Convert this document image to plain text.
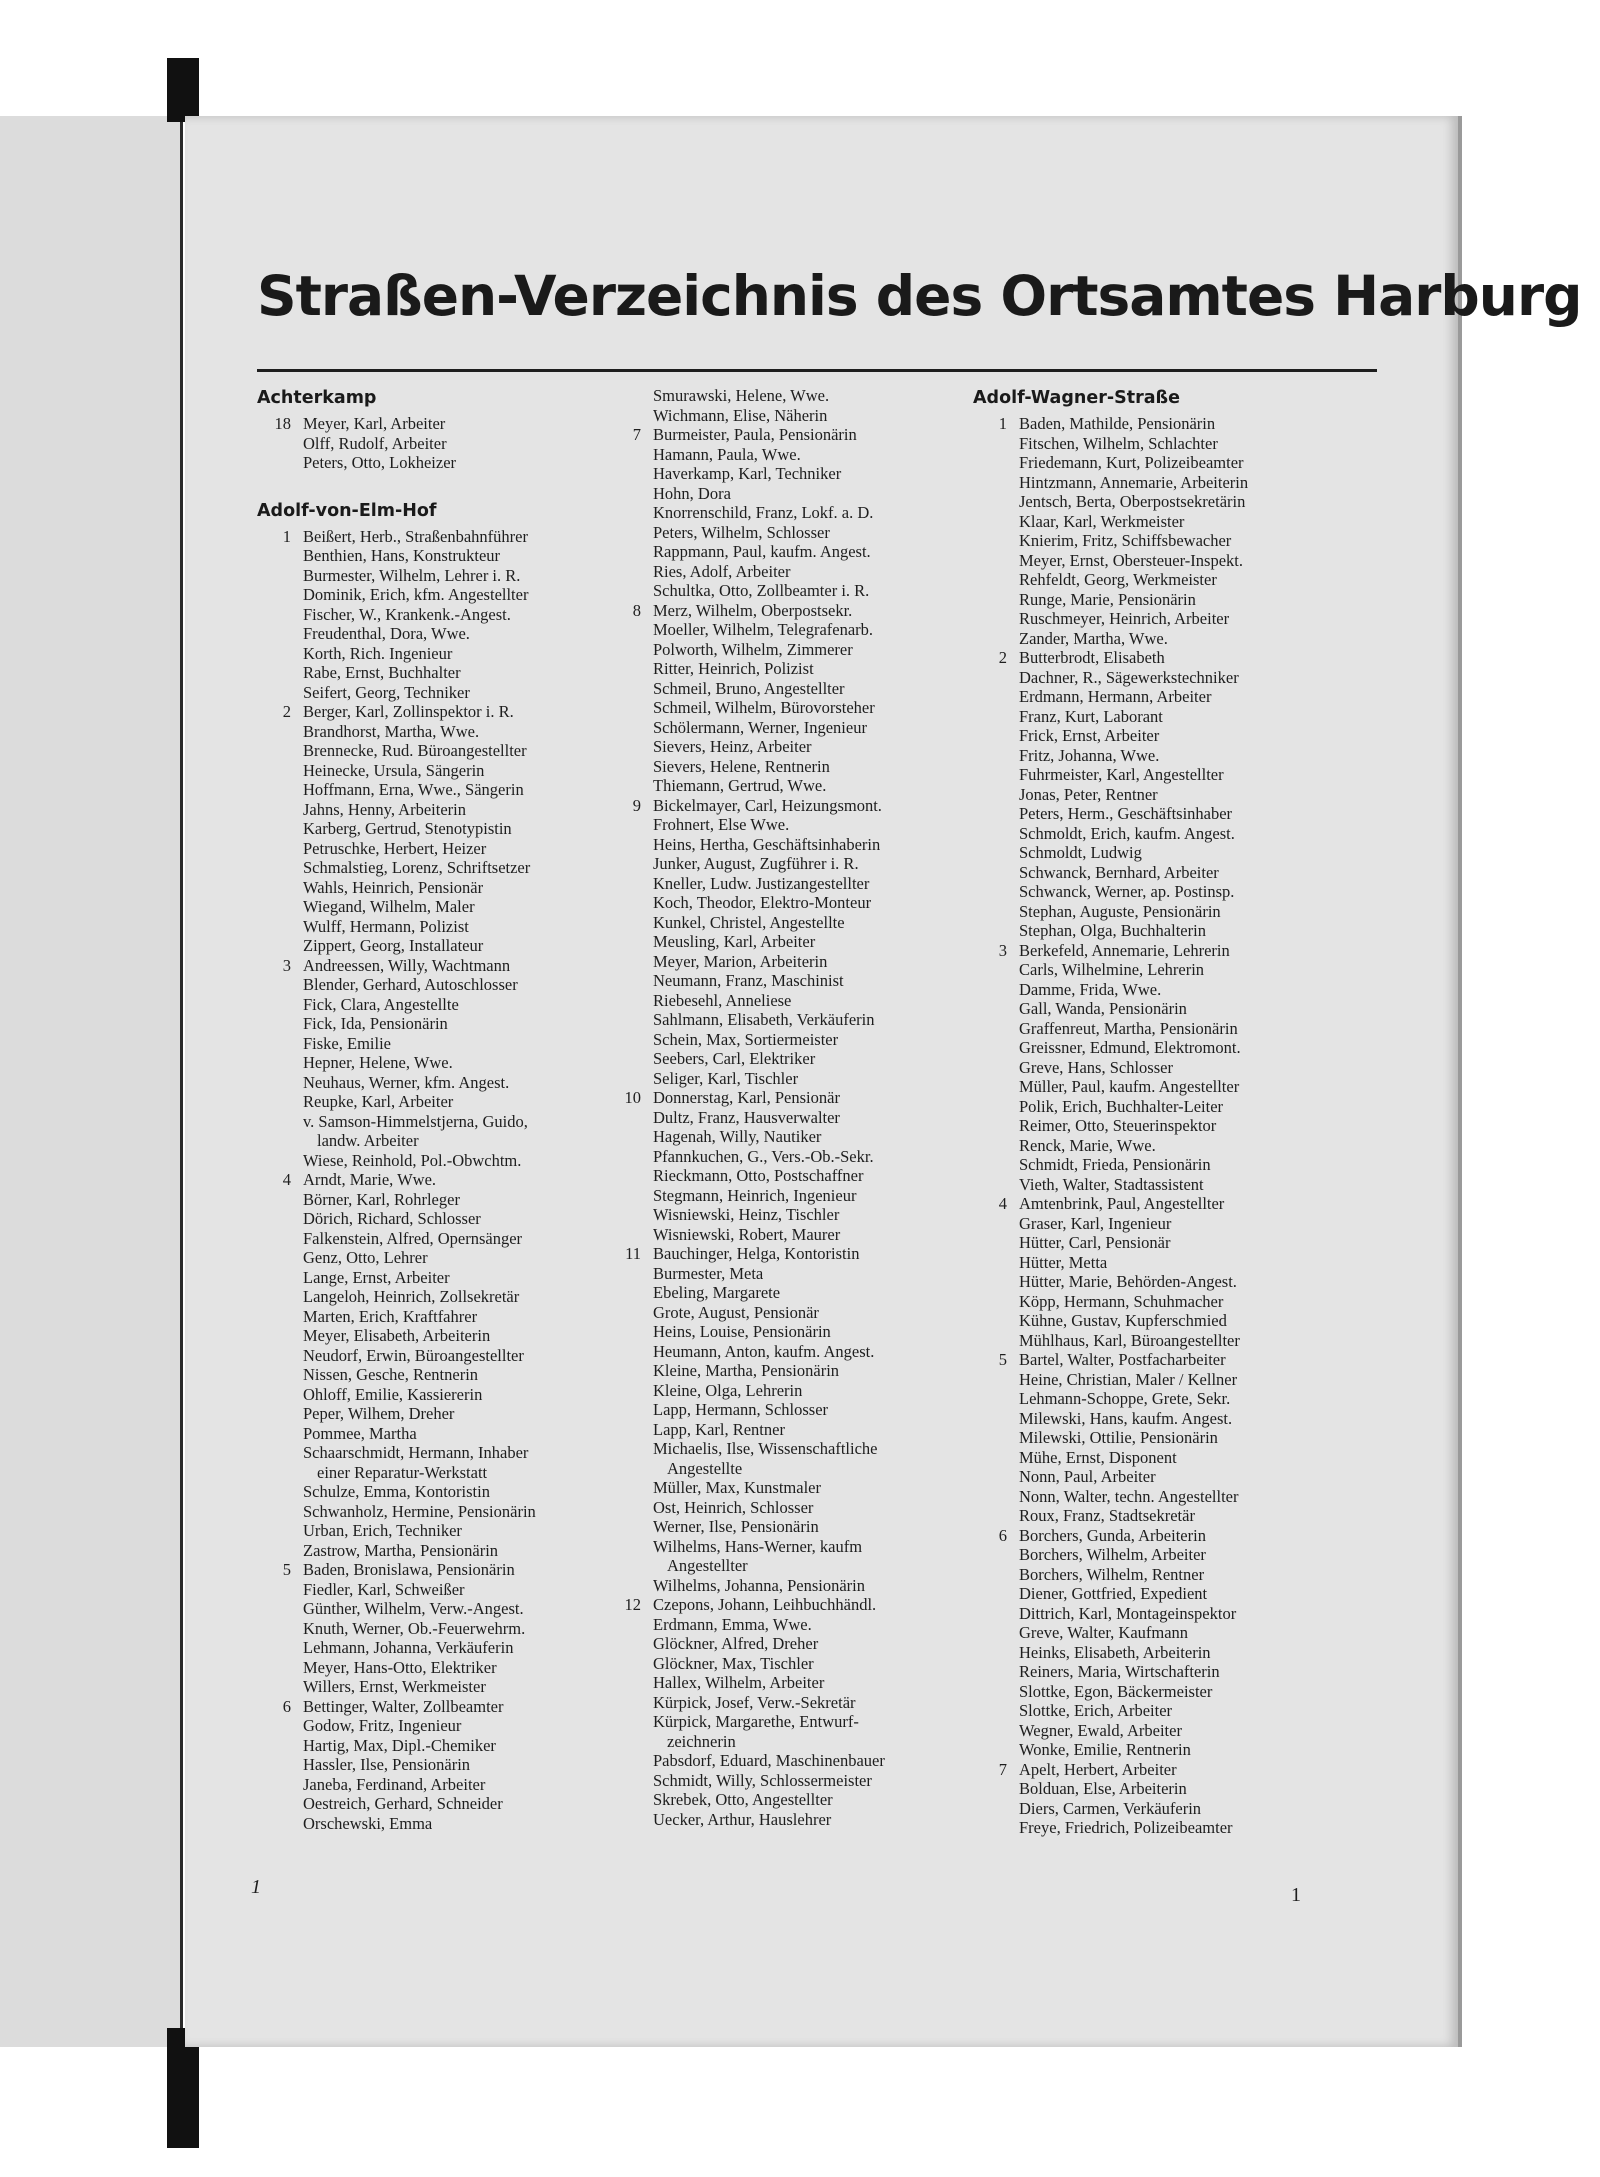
Straßen-Verzeichnis des Ortsamtes Harburg
Achterkamp
18 Meyer, Karl, Arbeiter
Olff, Rudolf, Arbeiter
Peters, Otto, Lokheizer
Adolf-von-Elm-Hof
1 Beißert, Herb., Straßenbahnführer
Benthien, Hans, Konstrukteur
Burmester, Wilhelm, Lehrer i. R.
Dominik, Erich, kfm. Angestellter
Fischer, W., Krankenk.-Angest.
Freudenthal, Dora, Wwe.
Korth, Rich. Ingenieur
Rabe, Ernst, Buchhalter
Seifert, Georg, Techniker
2 Berger, Karl, Zollinspektor i. R.
Brandhorst, Martha, Wwe.
Brennecke, Rud. Büroangestellter
Heinecke, Ursula, Sängerin
Hoffmann, Erna, Wwe., Sängerin
Jahns, Henny, Arbeiterin
Karberg, Gertrud, Stenotypistin
Petruschke, Herbert, Heizer
Schmalstieg, Lorenz, Schriftsetzer
Wahls, Heinrich, Pensionär
Wiegand, Wilhelm, Maler
Wulff, Hermann, Polizist
Zippert, Georg, Installateur
3 Andreessen, Willy, Wachtmann
Blender, Gerhard, Autoschlosser
Fick, Clara, Angestellte
Fick, Ida, Pensionärin
Fiske, Emilie
Hepner, Helene, Wwe.
Neuhaus, Werner, kfm. Angest.
Reupke, Karl, Arbeiter
v. Samson-Himmelstjerna, Guido,
landw. Arbeiter
Wiese, Reinhold, Pol.-Obwchtm.
4 Arndt, Marie, Wwe.
Börner, Karl, Rohrleger
Dörich, Richard, Schlosser
Falkenstein, Alfred, Opernsänger
Genz, Otto, Lehrer
Lange, Ernst, Arbeiter
Langeloh, Heinrich, Zollsekretär
Marten, Erich, Kraftfahrer
Meyer, Elisabeth, Arbeiterin
Neudorf, Erwin, Büroangestellter
Nissen, Gesche, Rentnerin
Ohloff, Emilie, Kassiererin
Peper, Wilhem, Dreher
Pommee, Martha
Schaarschmidt, Hermann, Inhaber
einer Reparatur-Werkstatt
Schulze, Emma, Kontoristin
Schwanholz, Hermine, Pensionärin
Urban, Erich, Techniker
Zastrow, Martha, Pensionärin
5 Baden, Bronislawa, Pensionärin
Fiedler, Karl, Schweißer
Günther, Wilhelm, Verw.-Angest.
Knuth, Werner, Ob.-Feuerwehrm.
Lehmann, Johanna, Verkäuferin
Meyer, Hans-Otto, Elektriker
Willers, Ernst, Werkmeister
6 Bettinger, Walter, Zollbeamter
Godow, Fritz, Ingenieur
Hartig, Max, Dipl.-Chemiker
Hassler, Ilse, Pensionärin
Janeba, Ferdinand, Arbeiter
Oestreich, Gerhard, Schneider
Orschewski, Emma
Smurawski, Helene, Wwe.
Wichmann, Elise, Näherin
7 Burmeister, Paula, Pensionärin
Hamann, Paula, Wwe.
Haverkamp, Karl, Techniker
Hohn, Dora
Knorrenschild, Franz, Lokf. a. D.
Peters, Wilhelm, Schlosser
Rappmann, Paul, kaufm. Angest.
Ries, Adolf, Arbeiter
Schultka, Otto, Zollbeamter i. R.
8 Merz, Wilhelm, Oberpostsekr.
Moeller, Wilhelm, Telegrafenarb.
Polworth, Wilhelm, Zimmerer
Ritter, Heinrich, Polizist
Schmeil, Bruno, Angestellter
Schmeil, Wilhelm, Bürovorsteher
Schölermann, Werner, Ingenieur
Sievers, Heinz, Arbeiter
Sievers, Helene, Rentnerin
Thiemann, Gertrud, Wwe.
9 Bickelmayer, Carl, Heizungsmont.
Frohnert, Else Wwe.
Heins, Hertha, Geschäftsinhaberin
Junker, August, Zugführer i. R.
Kneller, Ludw. Justizangestellter
Koch, Theodor, Elektro-Monteur
Kunkel, Christel, Angestellte
Meusling, Karl, Arbeiter
Meyer, Marion, Arbeiterin
Neumann, Franz, Maschinist
Riebesehl, Anneliese
Sahlmann, Elisabeth, Verkäuferin
Schein, Max, Sortiermeister
Seebers, Carl, Elektriker
Seliger, Karl, Tischler
10 Donnerstag, Karl, Pensionär
Dultz, Franz, Hausverwalter
Hagenah, Willy, Nautiker
Pfannkuchen, G., Vers.-Ob.-Sekr.
Rieckmann, Otto, Postschaffner
Stegmann, Heinrich, Ingenieur
Wisniewski, Heinz, Tischler
Wisniewski, Robert, Maurer
11 Bauchinger, Helga, Kontoristin
Burmester, Meta
Ebeling, Margarete
Grote, August, Pensionär
Heins, Louise, Pensionärin
Heumann, Anton, kaufm. Angest.
Kleine, Martha, Pensionärin
Kleine, Olga, Lehrerin
Lapp, Hermann, Schlosser
Lapp, Karl, Rentner
Michaelis, Ilse, Wissenschaftliche
Angestellte
Müller, Max, Kunstmaler
Ost, Heinrich, Schlosser
Werner, Ilse, Pensionärin
Wilhelms, Hans-Werner, kaufm
Angestellter
Wilhelms, Johanna, Pensionärin
12 Czepons, Johann, Leihbuchhändl.
Erdmann, Emma, Wwe.
Glöckner, Alfred, Dreher
Glöckner, Max, Tischler
Hallex, Wilhelm, Arbeiter
Kürpick, Josef, Verw.-Sekretär
Kürpick, Margarethe, Entwurf-
zeichnerin
Pabsdorf, Eduard, Maschinenbauer
Schmidt, Willy, Schlossermeister
Skrebek, Otto, Angestellter
Uecker, Arthur, Hauslehrer
Adolf-Wagner-Straße
1 Baden, Mathilde, Pensionärin
Fitschen, Wilhelm, Schlachter
Friedemann, Kurt, Polizeibeamter
Hintzmann, Annemarie, Arbeiterin
Jentsch, Berta, Oberpostsekretärin
Klaar, Karl, Werkmeister
Knierim, Fritz, Schiffsbewacher
Meyer, Ernst, Obersteuer-Inspekt.
Rehfeldt, Georg, Werkmeister
Runge, Marie, Pensionärin
Ruschmeyer, Heinrich, Arbeiter
Zander, Martha, Wwe.
2 Butterbrodt, Elisabeth
Dachner, R., Sägewerkstechniker
Erdmann, Hermann, Arbeiter
Franz, Kurt, Laborant
Frick, Ernst, Arbeiter
Fritz, Johanna, Wwe.
Fuhrmeister, Karl, Angestellter
Jonas, Peter, Rentner
Peters, Herm., Geschäftsinhaber
Schmoldt, Erich, kaufm. Angest.
Schmoldt, Ludwig
Schwanck, Bernhard, Arbeiter
Schwanck, Werner, ap. Postinsp.
Stephan, Auguste, Pensionärin
Stephan, Olga, Buchhalterin
3 Berkefeld, Annemarie, Lehrerin
Carls, Wilhelmine, Lehrerin
Damme, Frida, Wwe.
Gall, Wanda, Pensionärin
Graffenreut, Martha, Pensionärin
Greissner, Edmund, Elektromont.
Greve, Hans, Schlosser
Müller, Paul, kaufm. Angestellter
Polik, Erich, Buchhalter-Leiter
Reimer, Otto, Steuerinspektor
Renck, Marie, Wwe.
Schmidt, Frieda, Pensionärin
Vieth, Walter, Stadtassistent
4 Amtenbrink, Paul, Angestellter
Graser, Karl, Ingenieur
Hütter, Carl, Pensionär
Hütter, Metta
Hütter, Marie, Behörden-Angest.
Köpp, Hermann, Schuhmacher
Kühne, Gustav, Kupferschmied
Mühlhaus, Karl, Büroangestellter
5 Bartel, Walter, Postfacharbeiter
Heine, Christian, Maler / Kellner
Lehmann-Schoppe, Grete, Sekr.
Milewski, Hans, kaufm. Angest.
Milewski, Ottilie, Pensionärin
Mühe, Ernst, Disponent
Nonn, Paul, Arbeiter
Nonn, Walter, techn. Angestellter
Roux, Franz, Stadtsekretär
6 Borchers, Gunda, Arbeiterin
Borchers, Wilhelm, Arbeiter
Borchers, Wilhelm, Rentner
Diener, Gottfried, Expedient
Dittrich, Karl, Montageinspektor
Greve, Walter, Kaufmann
Heinks, Elisabeth, Arbeiterin
Reiners, Maria, Wirtschafterin
Slottke, Egon, Bäckermeister
Slottke, Erich, Arbeiter
Wegner, Ewald, Arbeiter
Wonke, Emilie, Rentnerin
7 Apelt, Herbert, Arbeiter
Bolduan, Else, Arbeiterin
Diers, Carmen, Verkäuferin
Freye, Friedrich, Polizeibeamter
1	1
